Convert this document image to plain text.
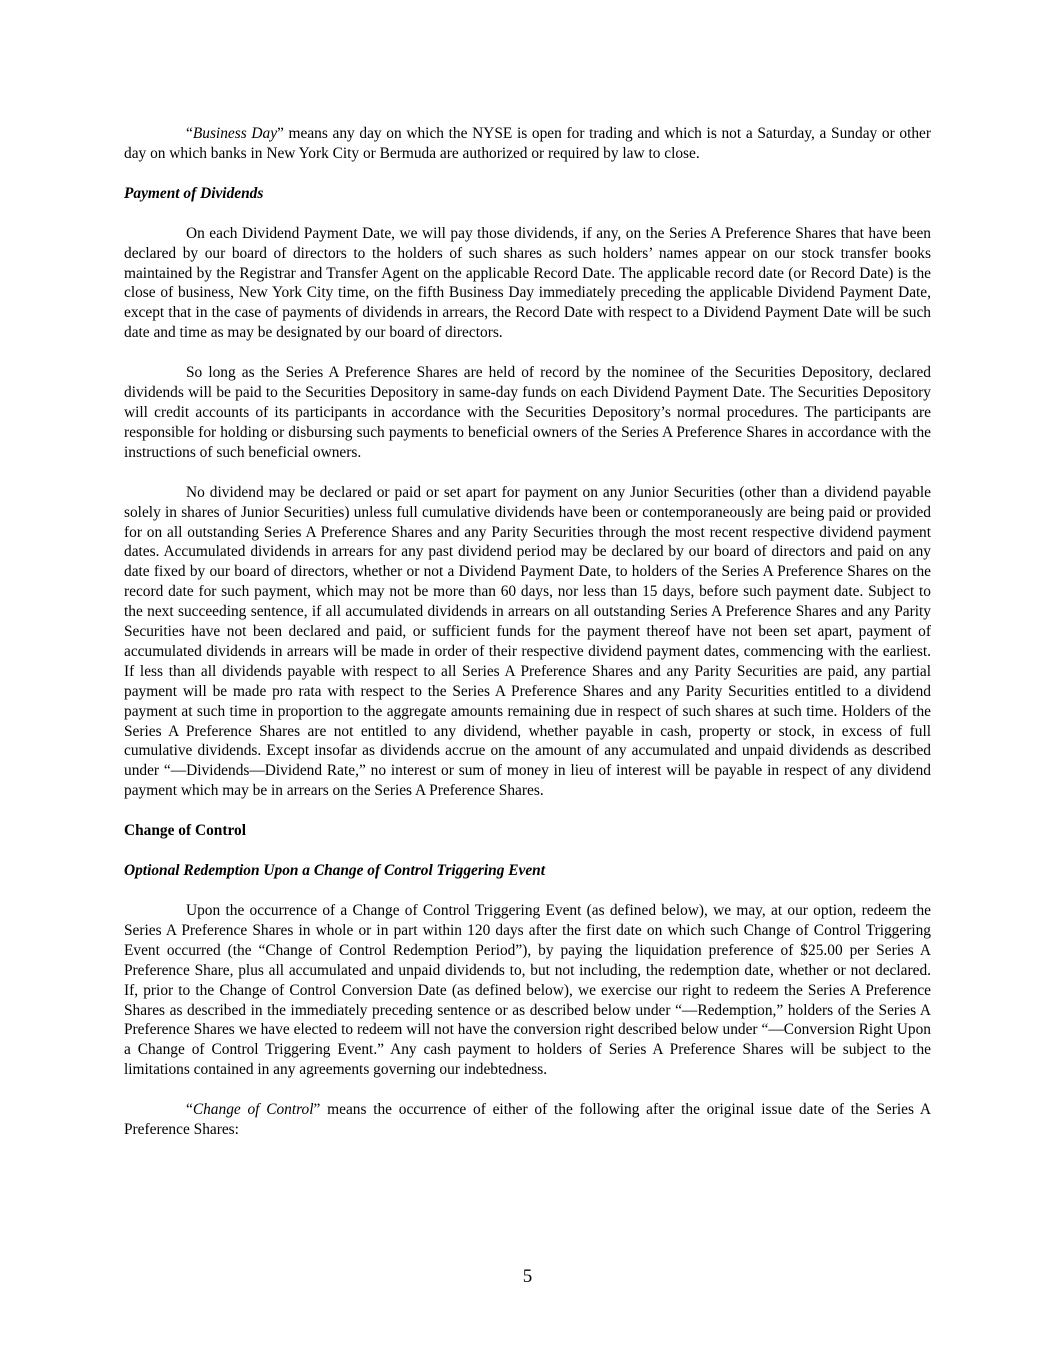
“Business Day” means any day on which the NYSE is open for trading and which is not a Saturday, a Sunday or other day on which banks in New York City or Bermuda are authorized or required by law to close.

Payment of Dividends

On each Dividend Payment Date, we will pay those dividends, if any, on the Series A Preference Shares that have been declared by our board of directors to the holders of such shares as such holders’ names appear on our stock transfer books maintained by the Registrar and Transfer Agent on the applicable Record Date. The applicable record date (or Record Date) is the close of business, New York City time, on the fifth Business Day immediately preceding the applicable Dividend Payment Date, except that in the case of payments of dividends in arrears, the Record Date with respect to a Dividend Payment Date will be such date and time as may be designated by our board of directors.

So long as the Series A Preference Shares are held of record by the nominee of the Securities Depository, declared dividends will be paid to the Securities Depository in same-day funds on each Dividend Payment Date. The Securities Depository will credit accounts of its participants in accordance with the Securities Depository’s normal procedures. The participants are responsible for holding or disbursing such payments to beneficial owners of the Series A Preference Shares in accordance with the instructions of such beneficial owners.

No dividend may be declared or paid or set apart for payment on any Junior Securities (other than a dividend payable solely in shares of Junior Securities) unless full cumulative dividends have been or contemporaneously are being paid or provided for on all outstanding Series A Preference Shares and any Parity Securities through the most recent respective dividend payment dates. Accumulated dividends in arrears for any past dividend period may be declared by our board of directors and paid on any date fixed by our board of directors, whether or not a Dividend Payment Date, to holders of the Series A Preference Shares on the record date for such payment, which may not be more than 60 days, nor less than 15 days, before such payment date. Subject to the next succeeding sentence, if all accumulated dividends in arrears on all outstanding Series A Preference Shares and any Parity Securities have not been declared and paid, or sufficient funds for the payment thereof have not been set apart, payment of accumulated dividends in arrears will be made in order of their respective dividend payment dates, commencing with the earliest. If less than all dividends payable with respect to all Series A Preference Shares and any Parity Securities are paid, any partial payment will be made pro rata with respect to the Series A Preference Shares and any Parity Securities entitled to a dividend payment at such time in proportion to the aggregate amounts remaining due in respect of such shares at such time. Holders of the Series A Preference Shares are not entitled to any dividend, whether payable in cash, property or stock, in excess of full cumulative dividends. Except insofar as dividends accrue on the amount of any accumulated and unpaid dividends as described under “—Dividends—Dividend Rate,” no interest or sum of money in lieu of interest will be payable in respect of any dividend payment which may be in arrears on the Series A Preference Shares.

Change of Control

Optional Redemption Upon a Change of Control Triggering Event

Upon the occurrence of a Change of Control Triggering Event (as defined below), we may, at our option, redeem the Series A Preference Shares in whole or in part within 120 days after the first date on which such Change of Control Triggering Event occurred (the “Change of Control Redemption Period”), by paying the liquidation preference of $25.00 per Series A Preference Share, plus all accumulated and unpaid dividends to, but not including, the redemption date, whether or not declared. If, prior to the Change of Control Conversion Date (as defined below), we exercise our right to redeem the Series A Preference Shares as described in the immediately preceding sentence or as described below under “—Redemption,” holders of the Series A Preference Shares we have elected to redeem will not have the conversion right described below under “—Conversion Right Upon a Change of Control Triggering Event.” Any cash payment to holders of Series A Preference Shares will be subject to the limitations contained in any agreements governing our indebtedness.

“Change of Control” means the occurrence of either of the following after the original issue date of the Series A Preference Shares:

5
